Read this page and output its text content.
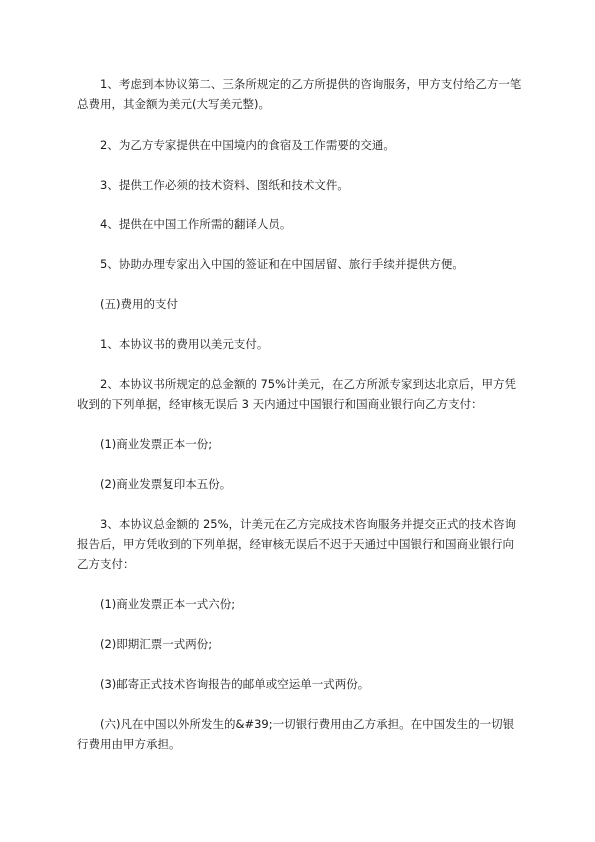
1、考虑到本协议第二、三条所规定的乙方所提供的咨询服务，甲方支付给乙方一笔总费用，其金额为美元(大写美元整)。

2、为乙方专家提供在中国境内的食宿及工作需要的交通。

3、提供工作必须的技术资料、图纸和技术文件。

4、提供在中国工作所需的翻译人员。

5、协助办理专家出入中国的签证和在中国居留、旅行手续并提供方便。

(五)费用的支付

1、本协议书的费用以美元支付。

2、本协议书所规定的总金额的 75%计美元，在乙方所派专家到达北京后，甲方凭收到的下列单据，经审核无误后 3 天内通过中国银行和国商业银行向乙方支付：

(1)商业发票正本一份;

(2)商业发票复印本五份。

3、本协议总金额的 25%，计美元在乙方完成技术咨询服务并提交正式的技术咨询报告后，甲方凭收到的下列单据，经审核无误后不迟于天通过中国银行和国商业银行向乙方支付：

(1)商业发票正本一式六份;

(2)即期汇票一式两份;

(3)邮寄正式技术咨询报告的邮单或空运单一式两份。

(六)凡在中国以外所发生的&#39;一切银行费用由乙方承担。在中国发生的一切银行费用由甲方承担。
